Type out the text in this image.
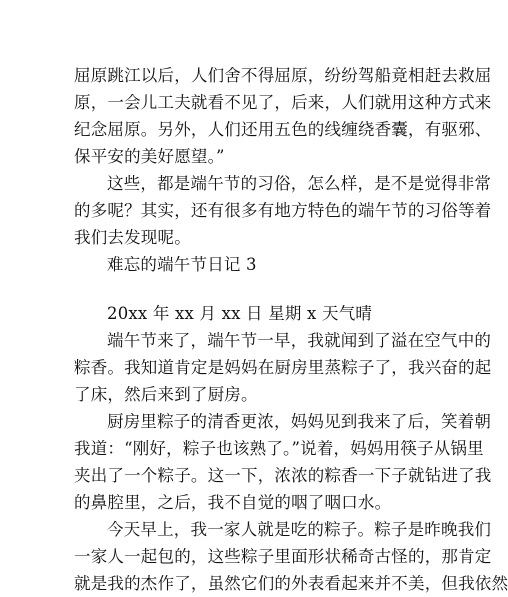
屈原跳江以后，人们舍不得屈原，纷纷驾船竟相赶去救屈
原，一会儿工夫就看不见了，后来，人们就用这种方式来
纪念屈原。另外，人们还用五色的线缠绕香囊，有驱邪、
保平安的美好愿望。”
这些，都是端午节的习俗，怎么样，是不是觉得非常
的多呢？其实，还有很多有地方特色的端午节的习俗等着
我们去发现呢。
难忘的端午节日记 3
20xx 年 xx 月 xx 日 星期 x 天气晴
端午节来了，端午节一早，我就闻到了溢在空气中的
粽香。我知道肯定是妈妈在厨房里蒸粽子了，我兴奋的起
了床，然后来到了厨房。
厨房里粽子的清香更浓，妈妈见到我来了后，笑着朝
我道：“刚好，粽子也该熟了。”说着，妈妈用筷子从锅里
夹出了一个粽子。这一下，浓浓的粽香一下子就钻进了我
的鼻腔里，之后，我不自觉的咽了咽口水。
今天早上，我一家人就是吃的粽子。粽子是昨晚我们
一家人一起包的，这些粽子里面形状稀奇古怪的，那肯定
就是我的杰作了，虽然它们的外表看起来并不美，但我依然
